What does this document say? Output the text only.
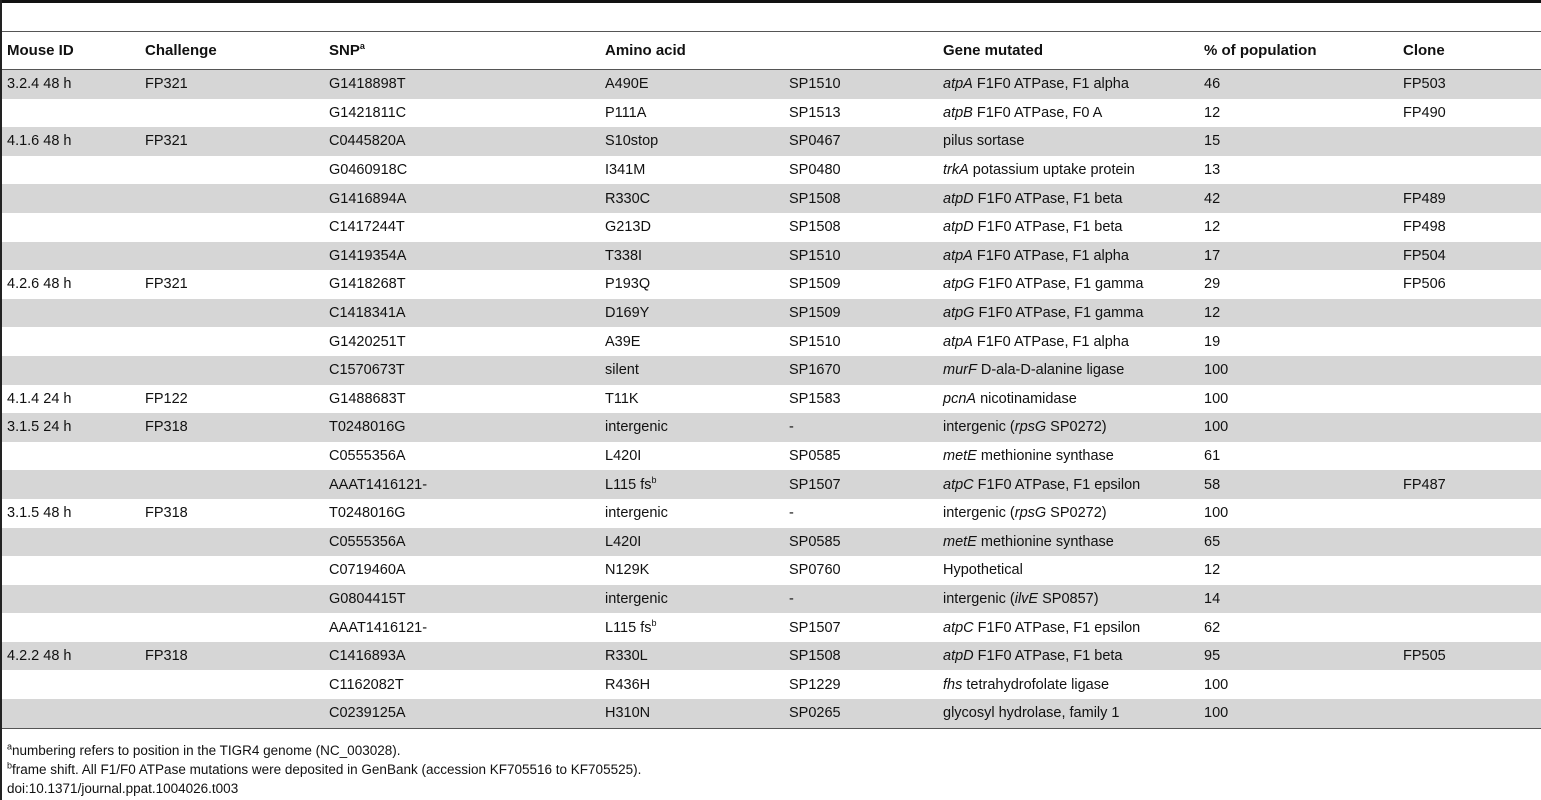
Mouse ID	Challenge	SNP$^a$	Amino acid		Gene mutated	% of population	Clone
3.2.4 48 h	FP321	G1418898T	A490E	SP1510	atpA F1F0 ATPase, F1 alpha	46	FP503
		G1421811C	P111A	SP1513	atpB F1F0 ATPase, F0 A	12	FP490
4.1.6 48 h	FP321	C0445820A	S10stop	SP0467	pilus sortase	15	
		G0460918C	I341M	SP0480	trkA potassium uptake protein	13	
		G1416894A	R330C	SP1508	atpD F1F0 ATPase, F1 beta	42	FP489
		C1417244T	G213D	SP1508	atpD F1F0 ATPase, F1 beta	12	FP498
		G1419354A	T338I	SP1510	atpA F1F0 ATPase, F1 alpha	17	FP504
4.2.6 48 h	FP321	G1418268T	P193Q	SP1509	atpG F1F0 ATPase, F1 gamma	29	FP506
		C1418341A	D169Y	SP1509	atpG F1F0 ATPase, F1 gamma	12	
		G1420251T	A39E	SP1510	atpA F1F0 ATPase, F1 alpha	19	
		C1570673T	silent	SP1670	murF D-ala-D-alanine ligase	100	
4.1.4 24 h	FP122	G1488683T	T11K	SP1583	pcnA nicotinamidase	100	
3.1.5 24 h	FP318	T0248016G	intergenic	-	intergenic (rpsG SP0272)	100	
		C0555356A	L420I	SP0585	metE methionine synthase	61	
		AAAT1416121-	L115 $fs^b$	SP1507	atpC F1F0 ATPase, F1 epsilon	58	FP487
3.1.5 48 h	FP318	T0248016G	intergenic	-	intergenic (rpsG SP0272)	100	
		C0555356A	L420I	SP0585	metE methionine synthase	65	
		C0719460A	N129K	SP0760	Hypothetical	12	
		G0804415T	intergenic	-	intergenic (ilvE SP0857)	14	
		AAAT1416121-	L115 $fs^b$	SP1507	atpC F1F0 ATPase, F1 epsilon	62	
4.2.2 48 h	FP318	C1416893A	R330L	SP1508	atpD F1F0 ATPase, F1 beta	95	FP505
		C1162082T	R436H	SP1229	fhs tetrahydrofolate ligase	100	
		C0239125A	H310N	SP0265	glycosyl hydrolase, family 1	100	
$^a$numbering refers to position in the TIGR4 genome (NC_003028).
$^b$frame shift. All F1/F0 ATPase mutations were deposited in GenBank (accession KF705516 to KF705525).
doi:10.1371/journal.ppat.1004026.t003
